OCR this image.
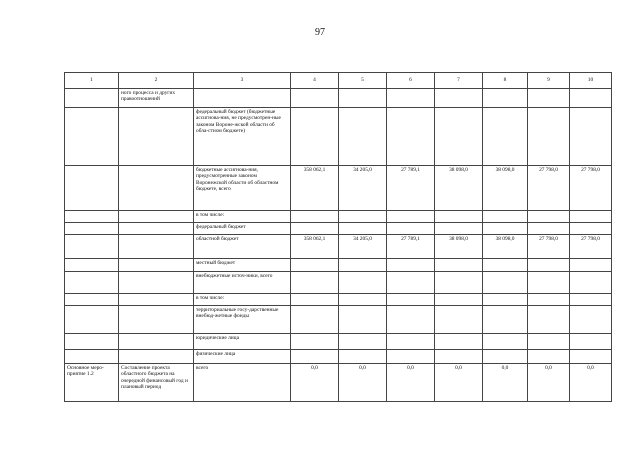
97
1	2	3	4	5	6	7	8	9	10
	ного процесса и других правоотношений								
		федеральный бюджет (бюджетные ассигнова-ния, не предусмотрен-ные законом Вороне-жской области об обла-стном бюджете)							
		бюджетные ассигнова-ния, предусмотренные законом Воронежской области об областном бюджете, всего	358 062,1	34 205,0	27 789,1	38 098,0	38 098,0	27 798,0	27 798,0
		в том числе:							
		федеральный бюджет							
		областной бюджет	358 062,1	34 205,0	27 789,1	38 098,0	38 098,0	27 798,0	27 798,0
		местный бюджет							
		внебюджетные источ-ники, всего							
		в том числе:							
		территориальные госу-дарственные внебюд-жетные фонды							
		юридические лица							
		физические лица							
Основное меро-приятие 1.2	Составление проекта областного бюджета на очередной финансовый год и плановый период	всего	0,0	0,0	0,0	0,0	0,0	0,0	0,0
